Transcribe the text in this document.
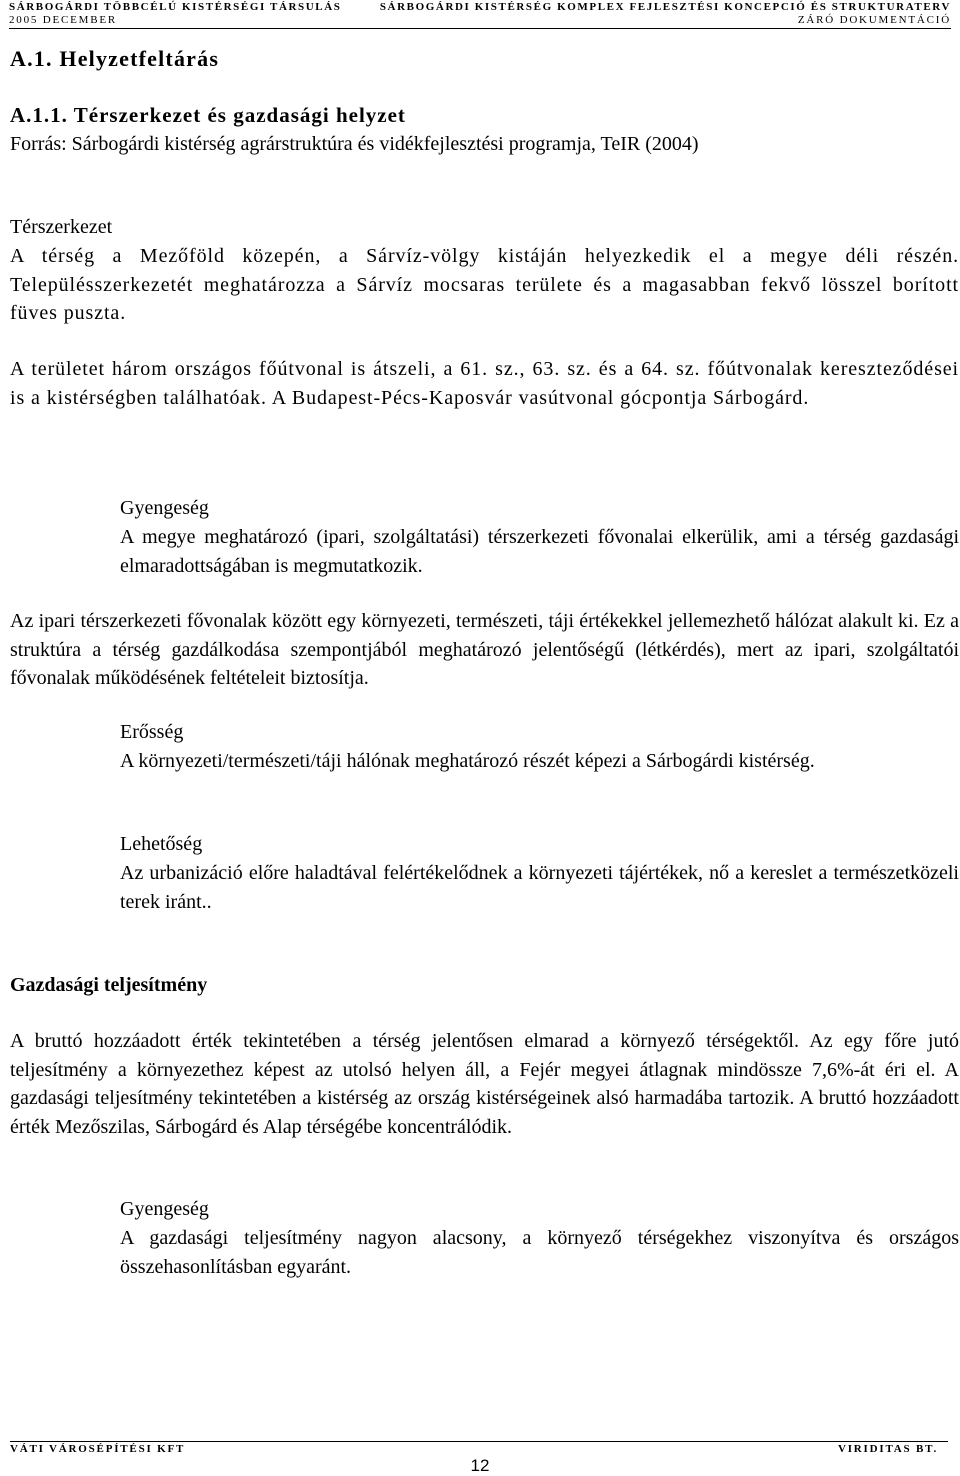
SÁRBOGÁRDI TÖBBCÉLÚ KISTÉRSÉGI TÁRSULÁS	SÁRBOGÁRDI KISTÉRSÉG KOMPLEX FEJLESZTÉSI KONCEPCIÓ ÉS STRUKTURATERV
2005 DECEMBER	ZÁRÓ DOKUMENTÁCIÓ
A.1. Helyzetfeltárás
A.1.1. Térszerkezet és gazdasági helyzet
Forrás: Sárbogárdi kistérség agrárstruktúra és vidékfejlesztési programja, TeIR (2004)
Térszerkezet

A térség a Mezőföld közepén, a Sárvíz-völgy kistáján helyezkedik el a megye déli részén. Településszerkezetét meghatározza a Sárvíz mocsaras területe és a magasabban fekvő lösszel borított füves puszta.

A területet három országos főútvonal is átszeli, a 61. sz., 63. sz. és a 64. sz. főútvonalak kereszteződései is a kistérségben találhatóak. A Budapest-Pécs-Kaposvár vasútvonal gócpontja Sárbogárd.

Gyengeség

A megye meghatározó (ipari, szolgáltatási) térszerkezeti fővonalai elkerülik, ami a térség gazdasági elmaradottságában is megmutatkozik.

Az ipari térszerkezeti fővonalak között egy környezeti, természeti, táji értékekkel jellemezhető hálózat alakult ki. Ez a struktúra a térség gazdálkodása szempontjából meghatározó jelentőségű (létkérdés), mert az ipari, szolgáltatói fővonalak működésének feltételeit biztosítja.

Erősség

A környezeti/természeti/táji hálónak meghatározó részét képezi a Sárbogárdi kistérség.

Lehetőség

Az urbanizáció előre haladtával felértékelődnek a környezeti tájértékek, nő a kereslet a természetközeli terek iránt..

Gazdasági teljesítmény

A bruttó hozzáadott érték tekintetében a térség jelentősen elmarad a környező térségektől. Az egy főre jutó teljesítmény a környezethez képest az utolsó helyen áll, a Fejér megyei átlagnak mindössze 7,6%-át éri el. A gazdasági teljesítmény tekintetében a kistérség az ország kistérségeinek alsó harmadába tartozik. A bruttó hozzáadott érték Mezőszilas, Sárbogárd és Alap térségébe koncentrálódik.

Gyengeség

A gazdasági teljesítmény nagyon alacsony, a környező térségekhez viszonyítva és országos összehasonlításban egyaránt.

VÁTI VÁROSÉPÍTÉSI KFT	VIRIDITAS BT.
12
